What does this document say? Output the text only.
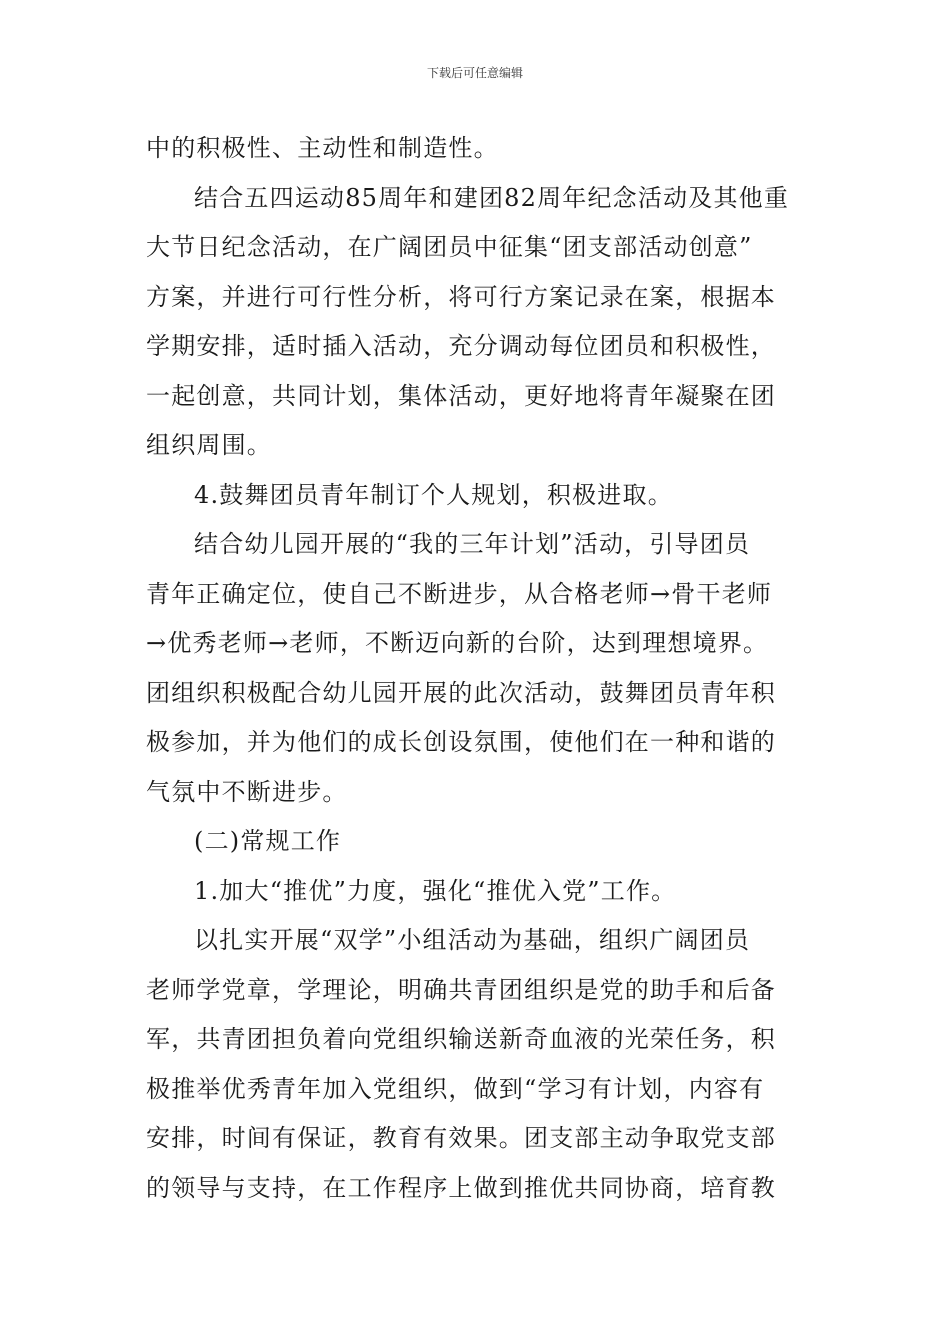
下载后可任意编辑
中的积极性、主动性和制造性。
结合五四运动85周年和建团82周年纪念活动及其他重
大节日纪念活动，在广阔团员中征集“团支部活动创意”
方案，并进行可行性分析，将可行方案记录在案，根据本
学期安排，适时插入活动，充分调动每位团员和积极性，
一起创意，共同计划，集体活动，更好地将青年凝聚在团
组织周围。
4.鼓舞团员青年制订个人规划，积极进取。
结合幼儿园开展的“我的三年计划”活动，引导团员
青年正确定位，使自己不断进步，从合格老师→骨干老师
→优秀老师→老师，不断迈向新的台阶，达到理想境界。
团组织积极配合幼儿园开展的此次活动，鼓舞团员青年积
极参加，并为他们的成长创设氛围，使他们在一种和谐的
气氛中不断进步。
(二)常规工作
1.加大“推优”力度，强化“推优入党”工作。
以扎实开展“双学”小组活动为基础，组织广阔团员
老师学党章，学理论，明确共青团组织是党的助手和后备
军，共青团担负着向党组织输送新奇血液的光荣任务，积
极推举优秀青年加入党组织，做到“学习有计划，内容有
安排，时间有保证，教育有效果。团支部主动争取党支部
的领导与支持，在工作程序上做到推优共同协商，培育教
